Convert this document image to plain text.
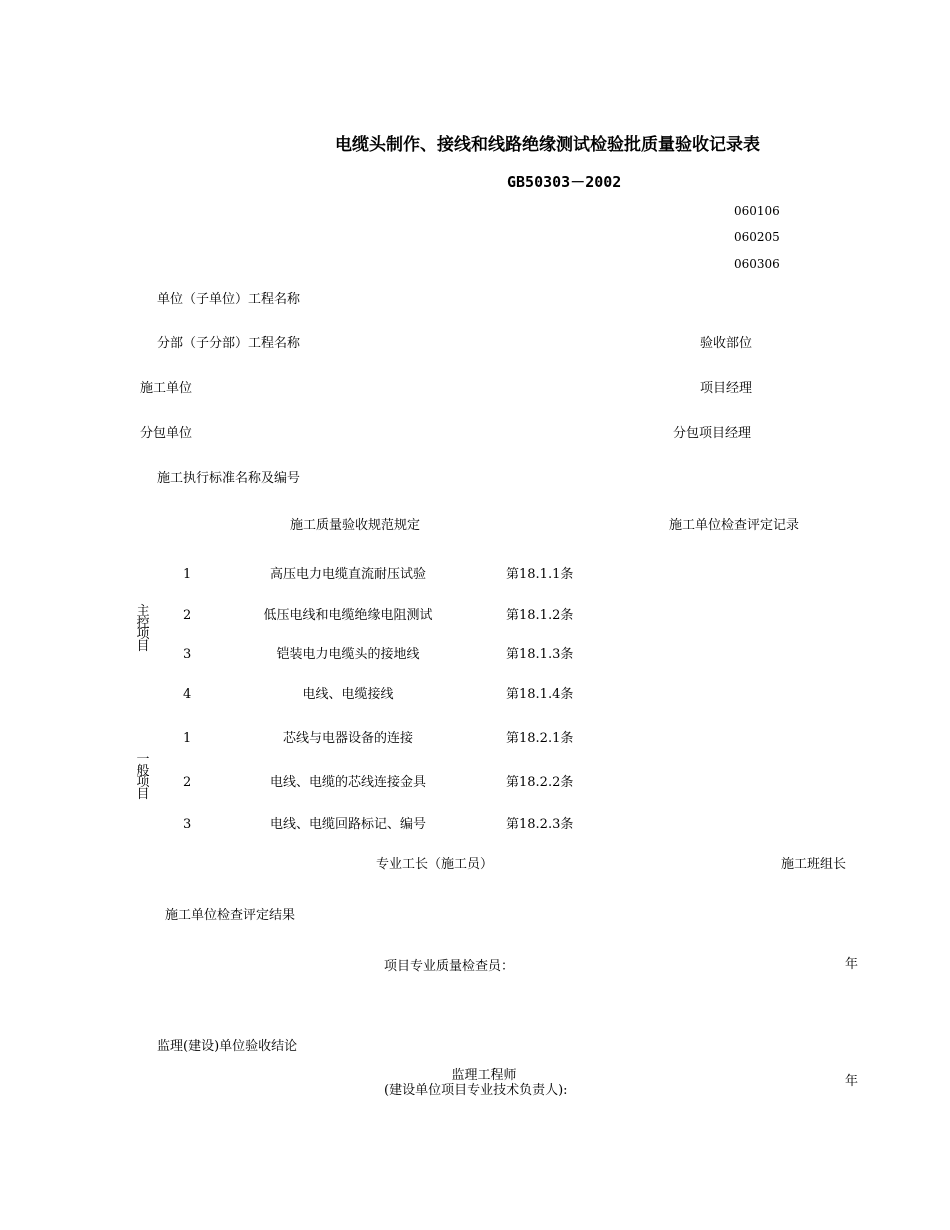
电缆头制作、接线和线路绝缘测试检验批质量验收记录表
GB50303－2002
060106
060205
060306
单位（子单位）工程名称
分部（子分部）工程名称	验收部位
施工单位	项目经理
分包单位	分包项目经理
施工执行标准名称及编号
施工质量验收规范规定	施工单位检查评定记录
主控项目
1	高压电力电缆直流耐压试验	第18.1.1条
2	低压电线和电缆绝缘电阻测试	第18.1.2条
3	铠装电力电缆头的接地线	第18.1.3条
4	电线、电缆接线	第18.1.4条
一般项目
1	芯线与电器设备的连接	第18.2.1条
2	电线、电缆的芯线连接金具	第18.2.2条
3	电线、电缆回路标记、编号	第18.2.3条
专业工长（施工员）	施工班组长
施工单位检查评定结果
项目专业质量检查员：	年
监理(建设)单位验收结论
监理工程师
(建设单位项目专业技术负责人):
年
